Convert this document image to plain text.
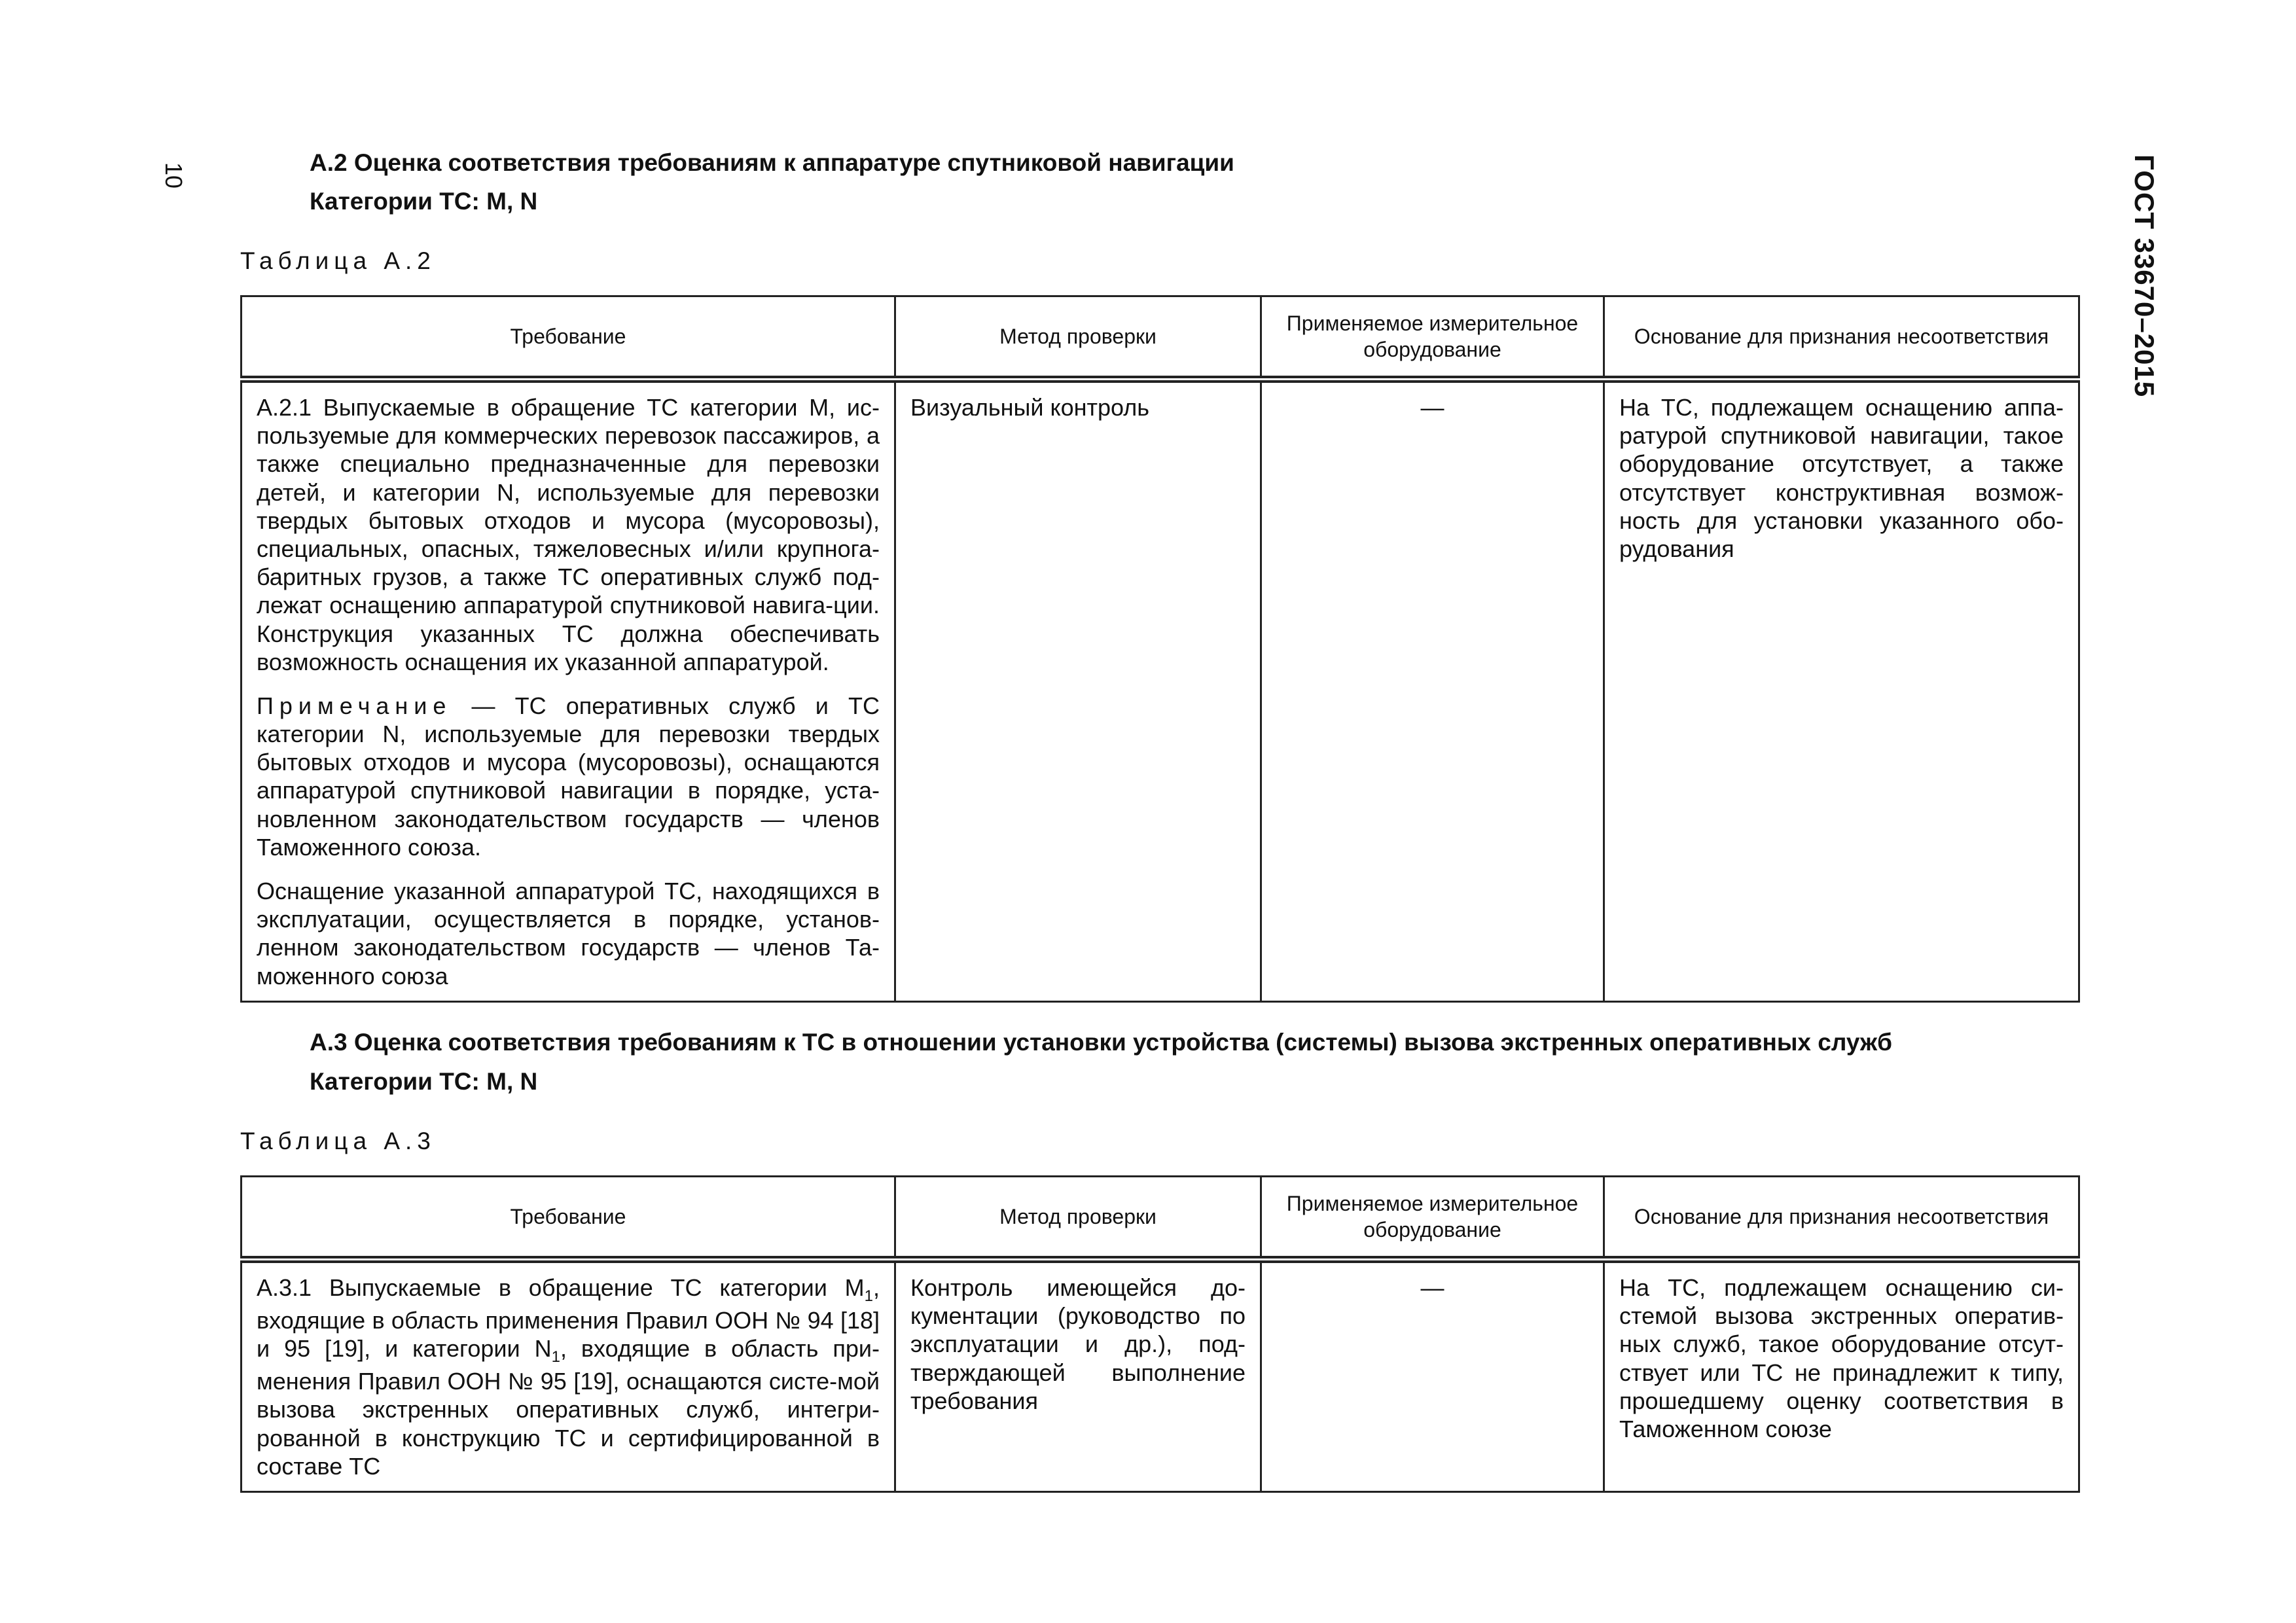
10	ГОСТ 33670–2015
А.2 Оценка соответствия требованиям к аппаратуре спутниковой навигации
Категории ТС: M, N
Таблица А.2
Требование	Метод проверки	Применяемое измерительное оборудование	Основание для признания несоответствия

А.2.1 Выпускаемые в обращение ТС категории М, ис-пользуемые для коммерческих перевозок пассажиров, а также специально предназначенные для перевозки детей, и категории N, используемые для перевозки твердых бытовых отходов и мусора (мусоровозы), специальных, опасных, тяжеловесных и/или крупнога-баритных грузов, а также ТС оперативных служб под-лежат оснащению аппаратурой спутниковой навига-ции. Конструкция указанных ТС должна обеспечивать возможность оснащения их указанной аппаратурой.

Примечание — ТС оперативных служб и ТС категории N, используемые для перевозки твердых бытовых отходов и мусора (мусоровозы), оснащаются аппаратурой спутниковой навигации в порядке, уста-новленном законодательством государств — членов Таможенного союза.

Оснащение указанной аппаратурой ТС, находящихся в эксплуатации, осуществляется в порядке, установ-ленном законодательством государств — членов Та-моженного союза	Визуальный контроль	—	На ТС, подлежащем оснащению аппа-ратурой спутниковой навигации, такое оборудование отсутствует, а также отсутствует конструктивная возмож-ность для установки указанного обо-рудования
А.3 Оценка соответствия требованиям к ТС в отношении установки устройства (системы) вызова экстренных оперативных служб
Категории ТС: M, N
Таблица А.3
Требование	Метод проверки	Применяемое измерительное оборудование	Основание для признания несоответствия
А.3.1 Выпускаемые в обращение ТС категории $M_1$, входящие в область применения Правил ООН № 94 [18] и 95 [19], и категории $N_1$, входящие в область при-менения Правил ООН № 95 [19], оснащаются систе-мой вызова экстренных оперативных служб, интегри-рованной в конструкцию ТС и сертифицированной в составе ТС	Контроль имеющейся до-кументации (руководство по эксплуатации и др.), под-тверждающей выполнение требования	—	На ТС, подлежащем оснащению си-стемой вызова экстренных оператив-ных служб, такое оборудование отсут-ствует или ТС не принадлежит к типу, прошедшему оценку соответствия в Таможенном союзе
